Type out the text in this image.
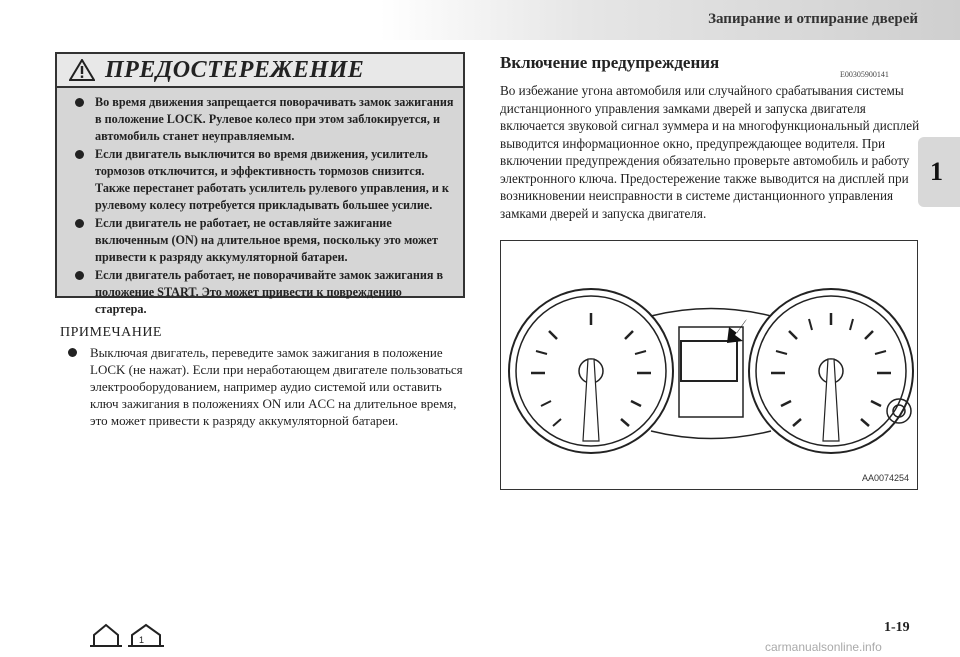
Запирание и отпирание дверей
1
ПРЕДОСТЕРЕЖЕНИЕ
Во время движения запрещается поворачивать замок зажигания в положение LOCK. Рулевое колесо при этом заблокируется, и автомобиль станет неуправляемым.
Если двигатель выключится во время движения, усилитель тормозов отключится, и эффективность тормозов снизится. Также перестанет работать усилитель рулевого управления, и к рулевому колесу потребуется прикладывать большее усилие.
Если двигатель не работает, не оставляйте зажигание включенным (ON) на длительное время, поскольку это может привести к разряду аккумуляторной батареи.
Если двигатель работает, не поворачивайте замок зажигания в положение START. Это может привести к повреждению стартера.
ПРИМЕЧАНИЕ
Выключая двигатель, переведите замок зажигания в положение LOCK (не нажат). Если при неработающем двигателе пользоваться электрооборудованием, например аудио системой или оставить ключ зажигания в положениях ON или ACC на длительное время, это может привести к разряду аккумуляторной батареи.
Включение предупреждения
E00305900141
Во избежание угона автомобиля или случайного срабатывания системы дистанционного управления замками дверей и запуска двигателя включается звуковой сигнал зуммера и на многофункциональный дисплей выводится информационное окно, предупреждающее водителя. При включении предупреждения обязательно проверьте автомобиль и работу электронного ключа. Предостережение также выводится на дисплей при возникновении неисправности в системе дистанционного управления замками дверей и запуска двигателя.
AA0074254
1
1-19
carmanualsonline.info
